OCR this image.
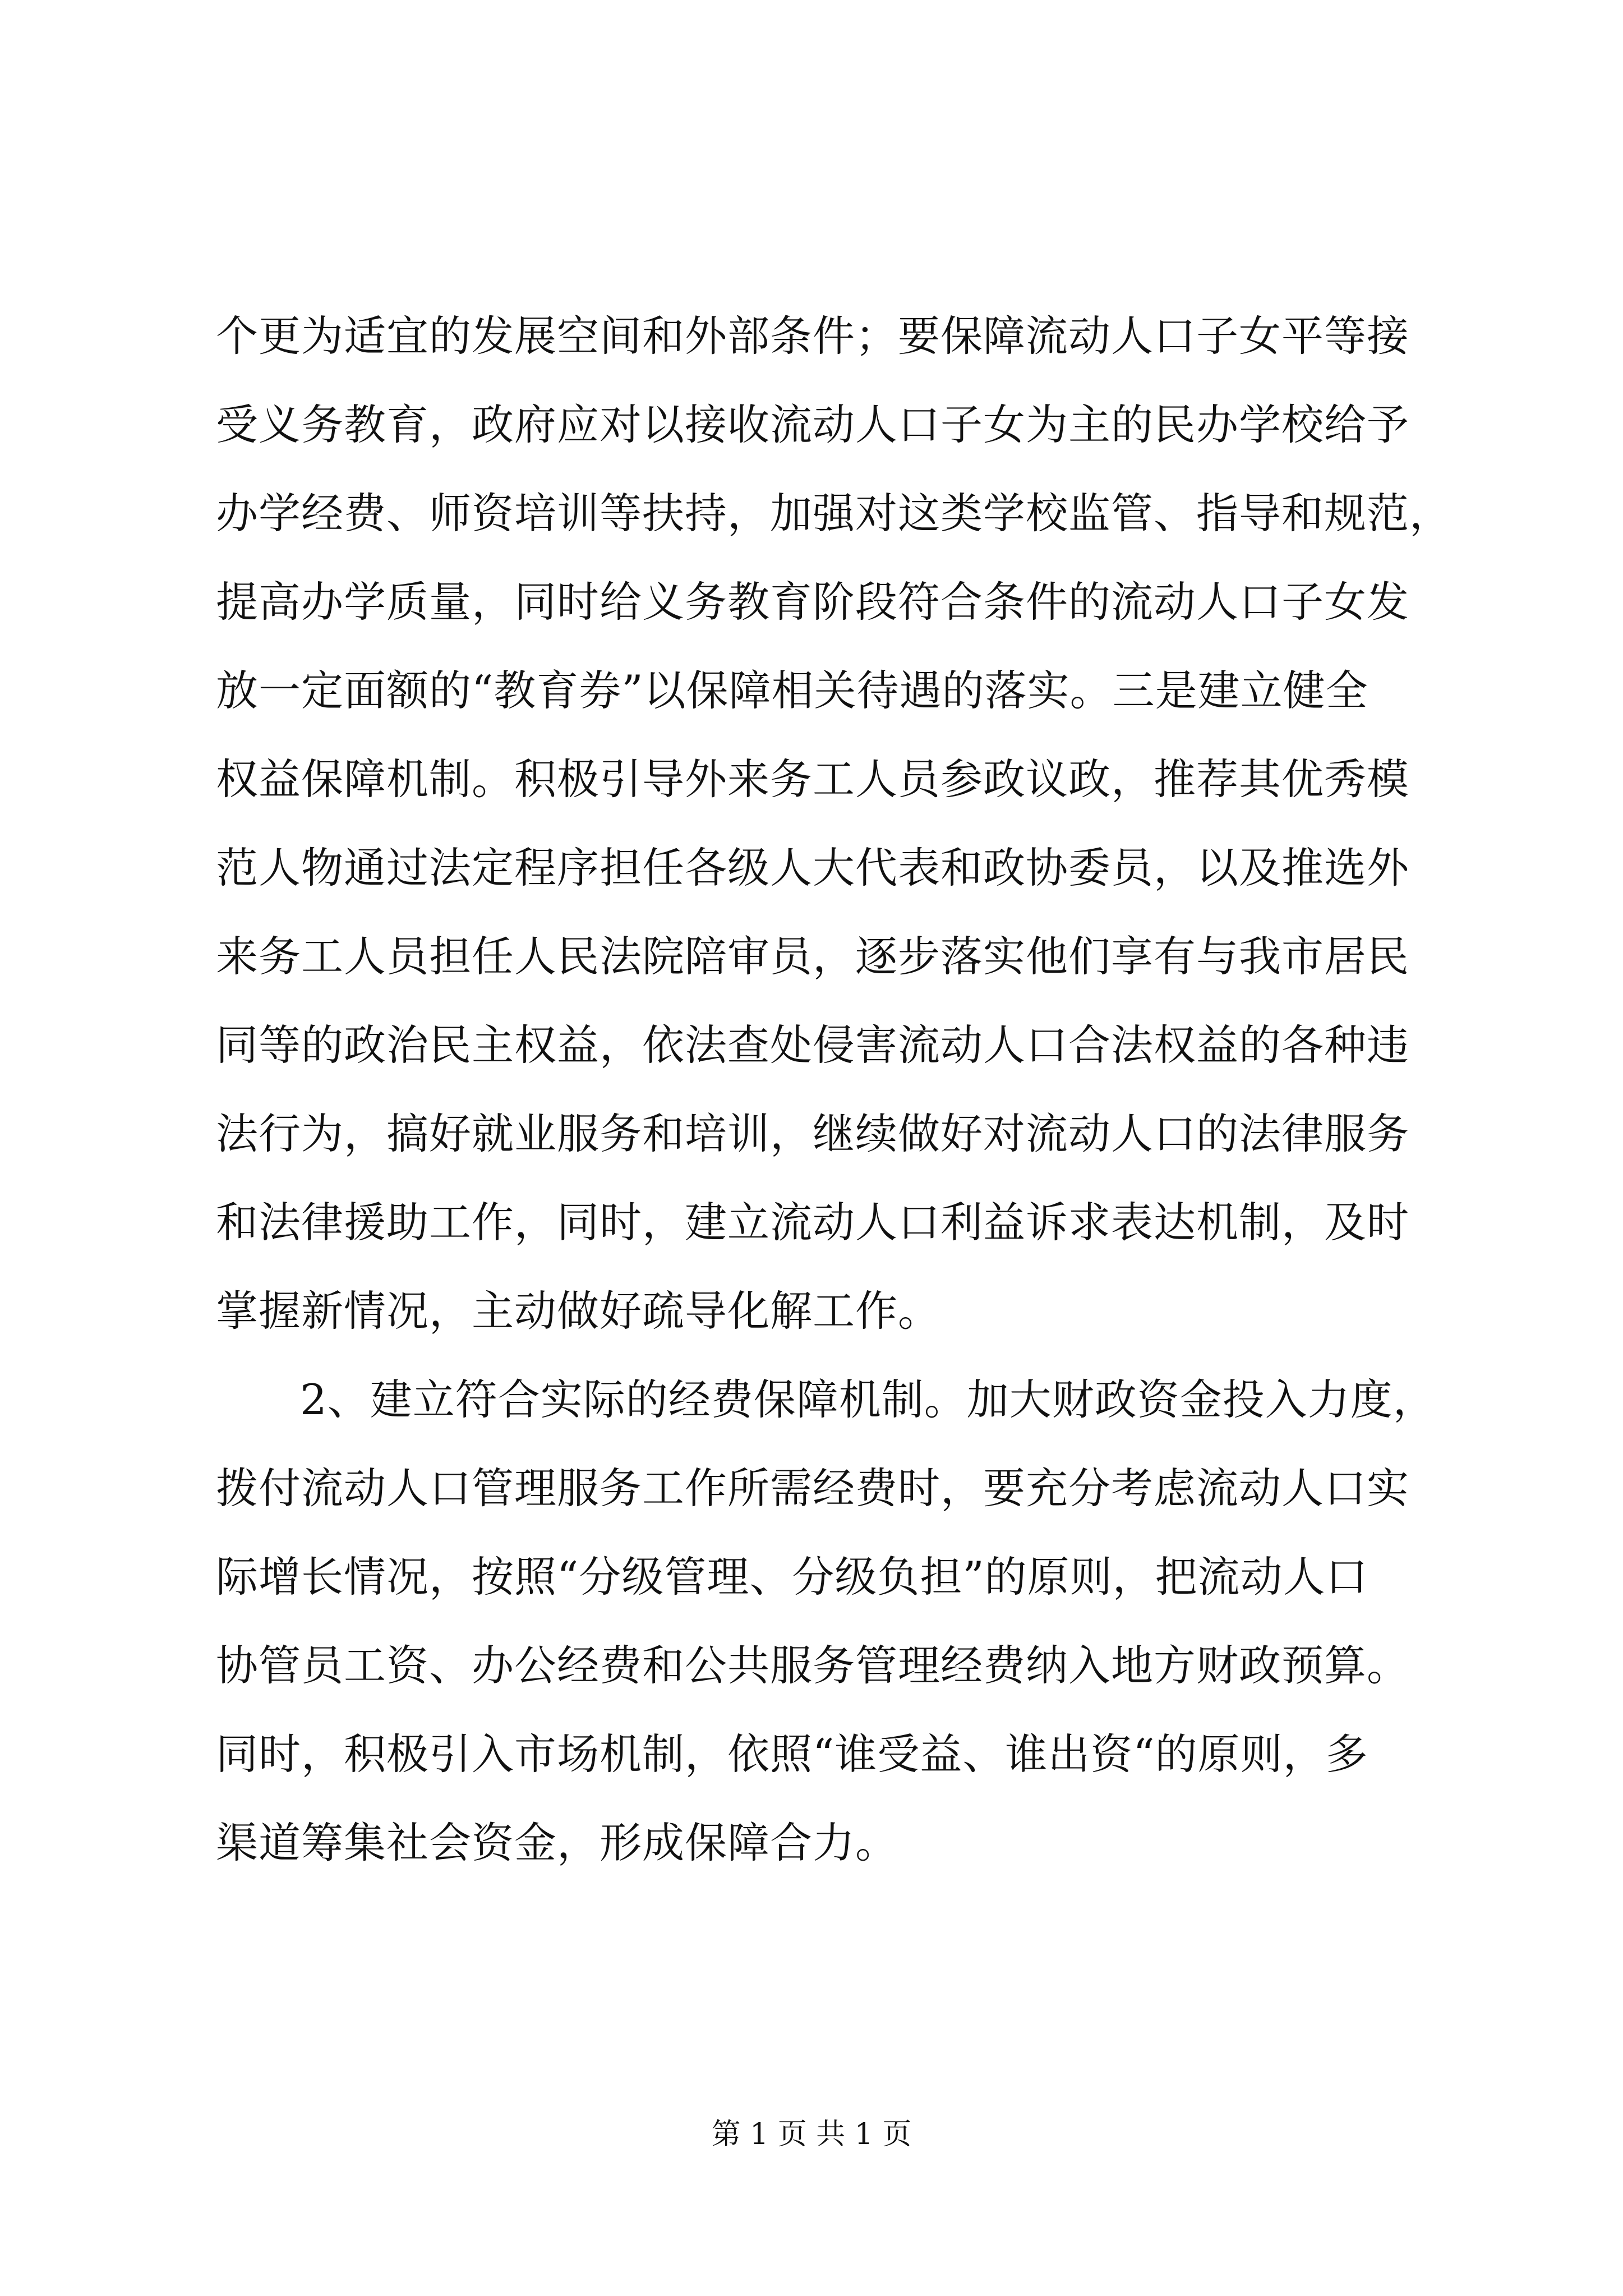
个更为适宜的发展空间和外部条件；要保障流动人口子女平等接
受义务教育，政府应对以接收流动人口子女为主的民办学校给予
办学经费、师资培训等扶持，加强对这类学校监管、指导和规范，
提高办学质量，同时给义务教育阶段符合条件的流动人口子女发
放一定面额的“教育券”以保障相关待遇的落实。三是建立健全
权益保障机制。积极引导外来务工人员参政议政，推荐其优秀模
范人物通过法定程序担任各级人大代表和政协委员，以及推选外
来务工人员担任人民法院陪审员，逐步落实他们享有与我市居民
同等的政治民主权益，依法查处侵害流动人口合法权益的各种违
法行为，搞好就业服务和培训，继续做好对流动人口的法律服务
和法律援助工作，同时，建立流动人口利益诉求表达机制，及时
掌握新情况，主动做好疏导化解工作。
2、建立符合实际的经费保障机制。加大财政资金投入力度，
拨付流动人口管理服务工作所需经费时，要充分考虑流动人口实
际增长情况，按照“分级管理、分级负担”的原则，把流动人口
协管员工资、办公经费和公共服务管理经费纳入地方财政预算。
同时，积极引入市场机制，依照“谁受益、谁出资“的原则，多
渠道筹集社会资金，形成保障合力。
第 1 页 共 1 页
